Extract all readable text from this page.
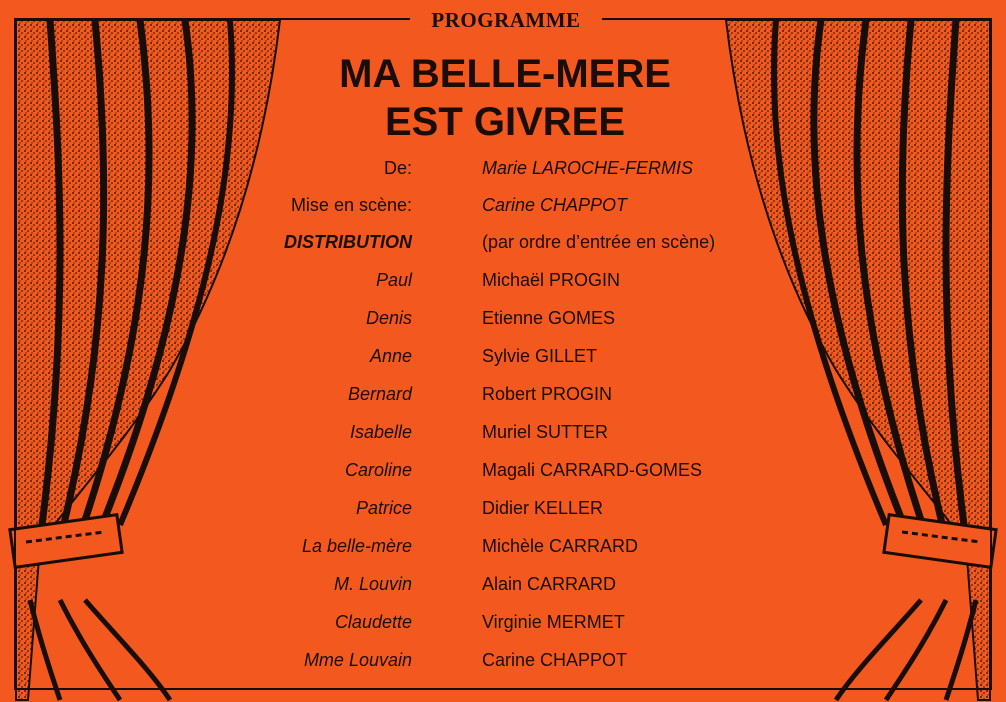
PROGRAMME
MA BELLE-MERE
EST GIVREE
De:	Marie LAROCHE-FERMIS
Mise en scène:	Carine CHAPPOT
DISTRIBUTION	(par ordre d’entrée en scène)
Paul	Michaël PROGIN
Denis	Etienne GOMES
Anne	Sylvie GILLET
Bernard	Robert PROGIN
Isabelle	Muriel SUTTER
Caroline	Magali CARRARD-GOMES
Patrice	Didier KELLER
La belle-mère	Michèle CARRARD
M. Louvin	Alain CARRARD
Claudette	Virginie MERMET
Mme Louvain	Carine CHAPPOT
